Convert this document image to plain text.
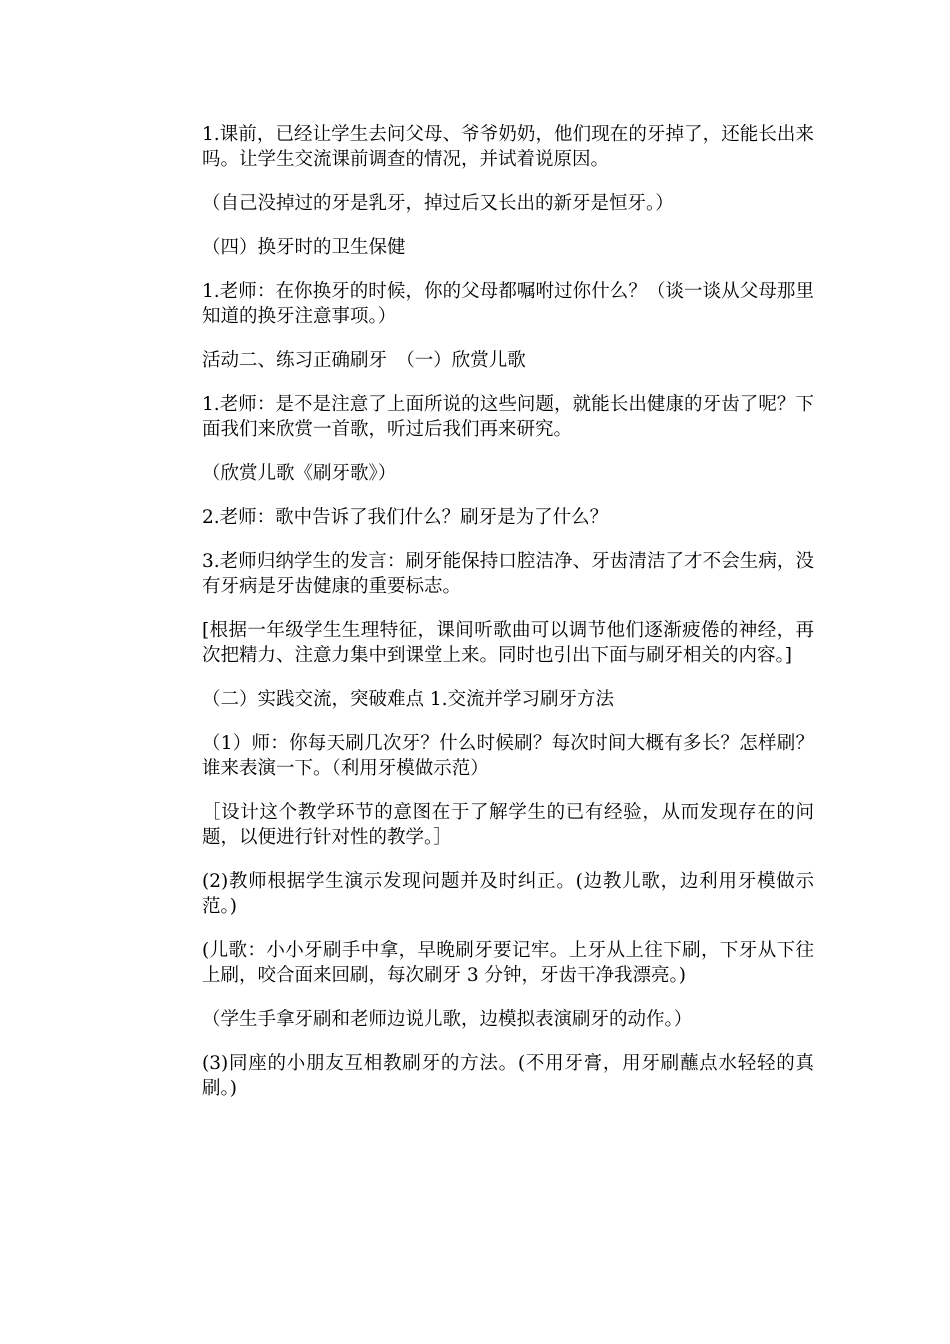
1.课前，已经让学生去问父母、爷爷奶奶，他们现在的牙掉了，还能长出来吗。让学生交流课前调查的情况，并试着说原因。

（自己没掉过的牙是乳牙，掉过后又长出的新牙是恒牙。）

（四）换牙时的卫生保健

1.老师：在你换牙的时候，你的父母都嘱咐过你什么？（谈一谈从父母那里知道的换牙注意事项。）

活动二、练习正确刷牙　（一）欣赏儿歌

1.老师：是不是注意了上面所说的这些问题，就能长出健康的牙齿了呢？下面我们来欣赏一首歌，听过后我们再来研究。

（欣赏儿歌《刷牙歌》）

2.老师：歌中告诉了我们什么？刷牙是为了什么？

3.老师归纳学生的发言：刷牙能保持口腔洁净、牙齿清洁了才不会生病，没有牙病是牙齿健康的重要标志。

[根据一年级学生生理特征，课间听歌曲可以调节他们逐渐疲倦的神经，再次把精力、注意力集中到课堂上来。同时也引出下面与刷牙相关的内容。]

（二）实践交流，突破难点 1.交流并学习刷牙方法

（1）师：你每天刷几次牙？什么时候刷？每次时间大概有多长？怎样刷？谁来表演一下。（利用牙模做示范）

［设计这个教学环节的意图在于了解学生的已有经验，从而发现存在的问题，以便进行针对性的教学。］

(2)教师根据学生演示发现问题并及时纠正。(边教儿歌，边利用牙模做示范。)

(儿歌：小小牙刷手中拿，早晚刷牙要记牢。上牙从上往下刷，下牙从下往上刷，咬合面来回刷，每次刷牙 3 分钟，牙齿干净我漂亮。)

（学生手拿牙刷和老师边说儿歌，边模拟表演刷牙的动作。）

(3)同座的小朋友互相教刷牙的方法。(不用牙膏，用牙刷蘸点水轻轻的真刷。)
